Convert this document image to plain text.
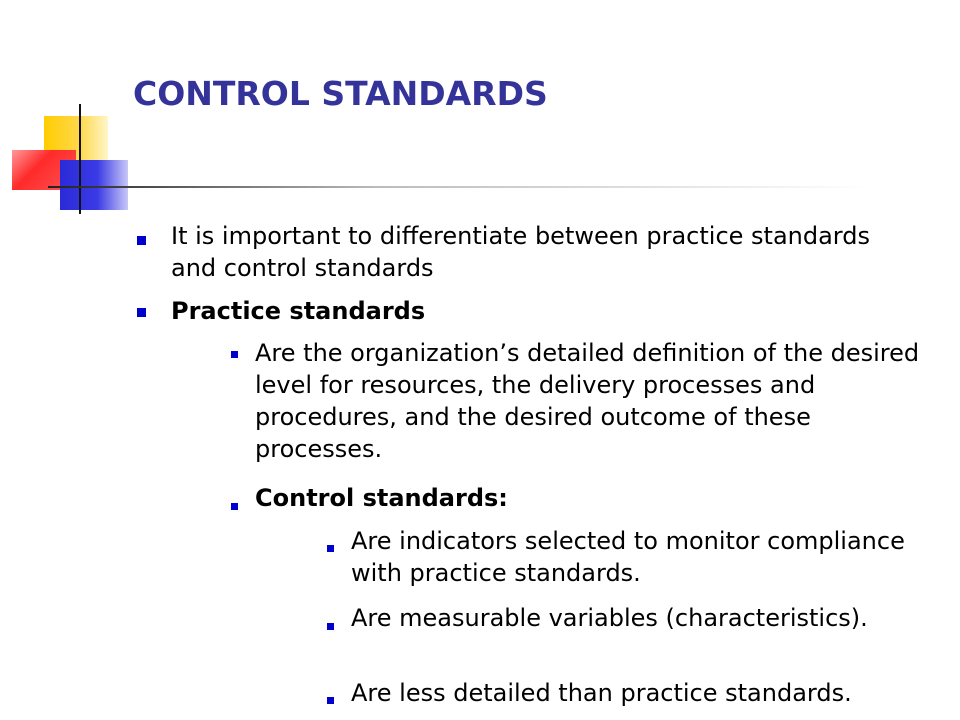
CONTROL STANDARDS
It is important to differentiate between practice standards and control standards
Practice standards
Are the organization’s detailed definition of the desired level for resources, the delivery processes and procedures, and the desired outcome of these processes.
Control standards:
Are indicators selected to monitor compliance with practice standards.
Are measurable variables (characteristics).
Are less detailed than practice standards.
